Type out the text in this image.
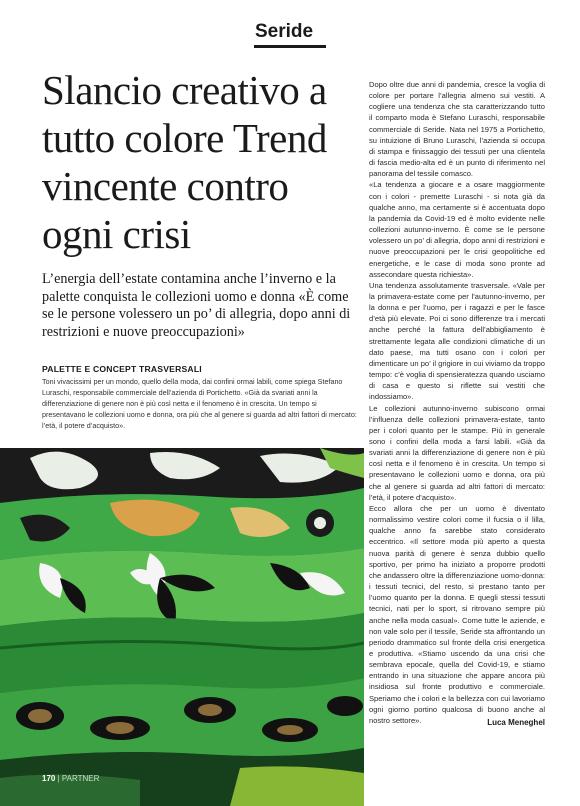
Seride
Slancio creativo a tutto colore Trend vincente contro ogni crisi

L’energia dell’estate contamina anche l’inverno e la palette conquista le collezioni uomo e donna «È come se le persone volessero un po’ di allegria, dopo anni di restrizioni e nuove preoccupazioni»

PALETTE E CONCEPT TRASVERSALI

Toni vivacissimi per un mondo, quello della moda, dai confini ormai labili, come spiega Stefano Luraschi, responsabile commerciale dell’azienda di Portichetto. «Già da svariati anni la differenziazione di genere non è più così netta e il fenomeno è in crescita. Un tempo si presentavano le collezioni uomo e donna, ora più che al genere si guarda ad altri fattori di mercato: l’età, il potere d’acquisto».

Dopo oltre due anni di pandemia, cresce la voglia di colore per portare l’allegria almeno sui vestiti. A cogliere una tendenza che sta caratterizzando tutto il comparto moda è Stefano Luraschi, responsabile commerciale di Seride. Nata nel 1975 a Portichetto, su intuizione di Bruno Luraschi, l’azienda si occupa di stampa e finissaggio dei tessuti per una clientela di fascia medio-alta ed è un punto di riferimento nel panorama del tessile comasco.

«La tendenza a giocare e a osare maggiormente con i colori - premette Luraschi - si nota già da qualche anno, ma certamente si è accentuata dopo la pandemia da Covid-19 ed è molto evidente nelle collezioni autunno-inverno. È come se le persone volessero un po’ di allegria, dopo anni di restrizioni e nuove preoccupazioni per le crisi geopolitiche ed energetiche, e le case di moda sono pronte ad assecondare questa richiesta».

Una tendenza assolutamente trasversale. «Vale per la primavera-estate come per l’autunno-inverno, per la donna e per l’uomo, per i ragazzi e per le fasce d’età più elevate. Poi ci sono differenze tra i mercati anche perché la fattura dell’abbigliamento è strettamente legata alle condizioni climatiche di un dato paese, ma tutti osano con i colori per dimenticare un po’ il grigiore in cui viviamo da troppo tempo: c’è voglia di spensieratezza quando usciamo di casa e questo si riflette sui vestiti che indossiamo».

Le collezioni autunno-inverno subiscono ormai l’influenza delle collezioni primavera-estate, tanto per i colori quanto per le stampe. Più in generale sono i confini della moda a farsi labili. «Già da svariati anni la differenziazione di genere non è più così netta e il fenomeno è in crescita. Un tempo si presentavano le collezioni uomo e donna, ora più che al genere si guarda ad altri fattori di mercato: l’età, il potere d’acquisto».

Ecco allora che per un uomo è diventato normalissimo vestire colori come il fucsia o il lilla, qualche anno fa sarebbe stato considerato eccentrico. «Il settore moda più aperto a questa nuova parità di genere è senza dubbio quello sportivo, per primo ha iniziato a proporre prodotti che andassero oltre la differenziazione uomo-donna: i tessuti tecnici, del resto, si prestano tanto per l’uomo quanto per la donna. E quegli stessi tessuti tecnici, nati per lo sport, si ritrovano sempre più anche nella moda casual». Come tutte le aziende, e non vale solo per il tessile, Seride sta affrontando un periodo drammatico sul fronte della crisi energetica e produttiva. «Stiamo uscendo da una crisi che sembrava epocale, quella del Covid-19, e stiamo entrando in una situazione che appare ancora più insidiosa sul fronte produttivo e commerciale. Speriamo che i colori e la bellezza con cui lavoriamo ogni giorno portino qualcosa di buono anche al nostro settore».	Luca Meneghel
170 | PARTNER
